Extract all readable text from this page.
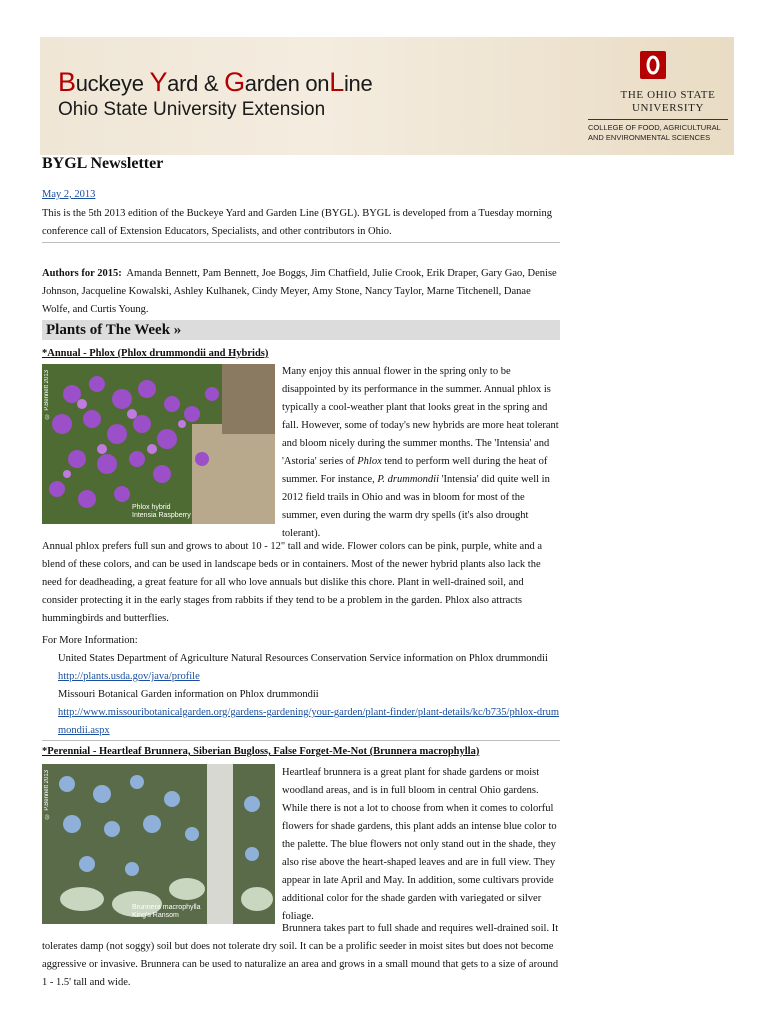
Buckeye Yard & Garden onLine
Ohio State University Extension
THE OHIO STATE
UNIVERSITY
COLLEGE OF FOOD, AGRICULTURAL AND ENVIRONMENTAL SCIENCES
BYGL Newsletter
May 2, 2013
This is the 5th 2013 edition of the Buckeye Yard and Garden Line (BYGL). BYGL is developed from a Tuesday morning conference call of Extension Educators, Specialists, and other contributors in Ohio.
Authors for 2015: Amanda Bennett, Pam Bennett, Joe Boggs, Jim Chatfield, Julie Crook, Erik Draper, Gary Gao, Denise Johnson, Jacqueline Kowalski, Ashley Kulhanek, Cindy Meyer, Amy Stone, Nancy Taylor, Marne Titchenell, Danae Wolfe, and Curtis Young.
Plants of The Week »
*Annual - Phlox (Phlox drummondii and Hybrids)
© P.Bennett 2013
Phlox hybrid
Intensia Raspberry
Many enjoy this annual flower in the spring only to be disappointed by its performance in the summer. Annual phlox is typically a cool-weather plant that looks great in the spring and fall. However, some of today's new hybrids are more heat tolerant and bloom nicely during the summer months. The 'Intensia' and 'Astoria' series of Phlox tend to perform well during the heat of summer. For instance, P. drummondii 'Intensia' did quite well in 2012 field trails in Ohio and was in bloom for most of the summer, even during the warm dry spells (it's also drought tolerant).
Annual phlox prefers full sun and grows to about 10 - 12" tall and wide. Flower colors can be pink, purple, white and a blend of these colors, and can be used in landscape beds or in containers. Most of the newer hybrid plants also lack the need for deadheading, a great feature for all who love annuals but dislike this chore. Plant in well-drained soil, and consider protecting it in the early stages from rabbits if they tend to be a problem in the garden. Phlox also attracts hummingbirds and butterflies.
For More Information:
United States Department of Agriculture Natural Resources Conservation Service information on Phlox drummondii
http://plants.usda.gov/java/profile
Missouri Botanical Garden information on Phlox drummondii
http://www.missouribotanicalgarden.org/gardens-gardening/your-garden/plant-finder/plant-details/kc/b735/phlox-drummondii.aspx
*Perennial - Heartleaf Brunnera, Siberian Bugloss, False Forget-Me-Not (Brunnera macrophylla)
© P.Bennett 2013
Brunnera macrophylla
King's Ransom
Heartleaf brunnera is a great plant for shade gardens or moist woodland areas, and is in full bloom in central Ohio gardens. While there is not a lot to choose from when it comes to colorful flowers for shade gardens, this plant adds an intense blue color to the palette. The blue flowers not only stand out in the shade, they also rise above the heart-shaped leaves and are in full view. They appear in late April and May. In addition, some cultivars provide additional color for the shade garden with variegated or silver foliage.
Brunnera takes part to full shade and requires well-drained soil. It
tolerates damp (not soggy) soil but does not tolerate dry soil. It can be a prolific seeder in moist sites but does not become aggressive or invasive. Brunnera can be used to naturalize an area and grows in a small mound that gets to a size of around 1 - 1.5' tall and wide.
